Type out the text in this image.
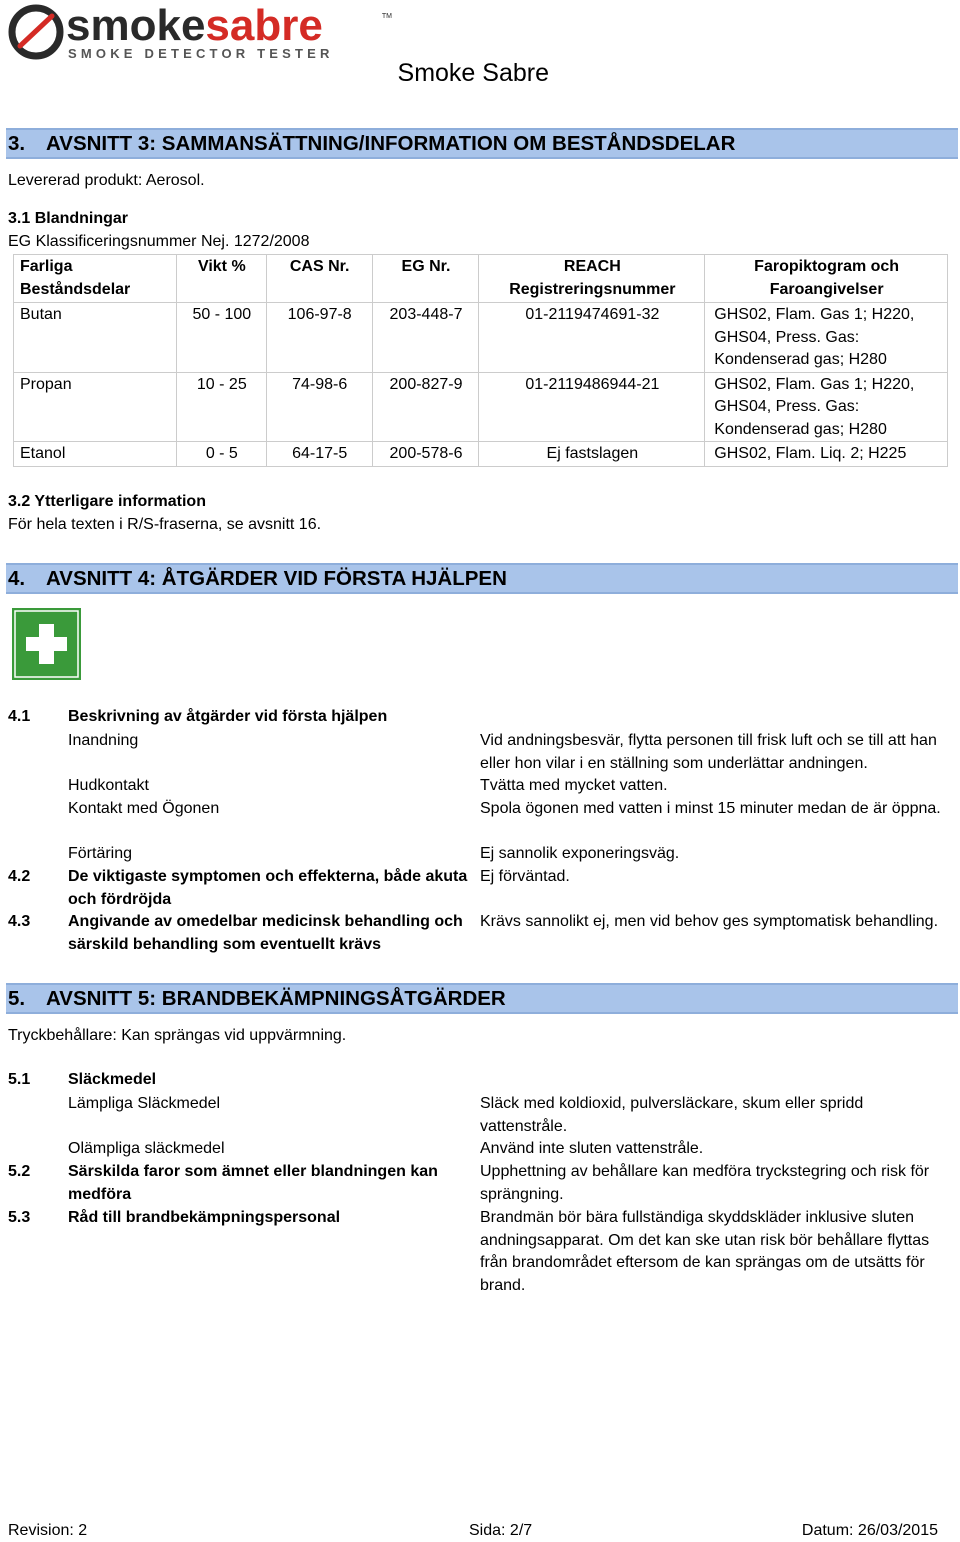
smokesabre	TM
SMOKE DETECTOR TESTER
Smoke Sabre
3. AVSNITT 3: SAMMANSÄTTNING/INFORMATION OM BESTÅNDSDELAR
Levererad produkt: Aerosol.
3.1 Blandningar
EG Klassificeringsnummer Nej. 1272/2008
Farliga Beståndsdelar	Vikt %	CAS Nr.	EG Nr.	REACH Registreringsnummer	Faropiktogram och Faroangivelser
Butan	50 - 100	106-97-8	203-448-7	01-2119474691-32	GHS02, Flam. Gas 1; H220, GHS04, Press. Gas: Kondenserad gas; H280
Propan	10 - 25	74-98-6	200-827-9	01-2119486944-21	GHS02, Flam. Gas 1; H220, GHS04, Press. Gas: Kondenserad gas; H280
Etanol	0 - 5	64-17-5	200-578-6	Ej fastslagen	GHS02, Flam. Liq. 2; H225
3.2 Ytterligare information
För hela texten i R/S-fraserna, se avsnitt 16.
4. AVSNITT 4: ÅTGÄRDER VID FÖRSTA HJÄLPEN
4.1 Beskrivning av åtgärder vid första hjälpen
Inandning	Vid andningsbesvär, flytta personen till frisk luft och se till att han eller hon vilar i en ställning som underlättar andningen.
Hudkontakt	Tvätta med mycket vatten.
Kontakt med Ögonen	Spola ögonen med vatten i minst 15 minuter medan de är öppna.
Förtäring	Ej sannolik exponeringsväg.
4.2 De viktigaste symptomen och effekterna, både akuta och fördröjda
Ej förväntad.
4.3 Angivande av omedelbar medicinsk behandling och särskild behandling som eventuellt krävs
Krävs sannolikt ej, men vid behov ges symptomatisk behandling.
5. AVSNITT 5: BRANDBEKÄMPNINGSÅTGÄRDER
Tryckbehållare: Kan sprängas vid uppvärmning.
5.1 Släckmedel
Lämpliga Släckmedel	Släck med koldioxid, pulversläckare, skum eller spridd vattenstråle.
Olämpliga släckmedel	Använd inte sluten vattenstråle.
5.2 Särskilda faror som ämnet eller blandningen kan medföra
Upphettning av behållare kan medföra tryckstegring och risk för sprängning.
5.3 Råd till brandbekämpningspersonal	Brandmän bör bära fullständiga skyddskläder inklusive sluten andningsapparat. Om det kan ske utan risk bör behållare flyttas från brandområdet eftersom de kan sprängas om de utsätts för brand.
Revision: 2	Sida: 2/7	Datum: 26/03/2015
